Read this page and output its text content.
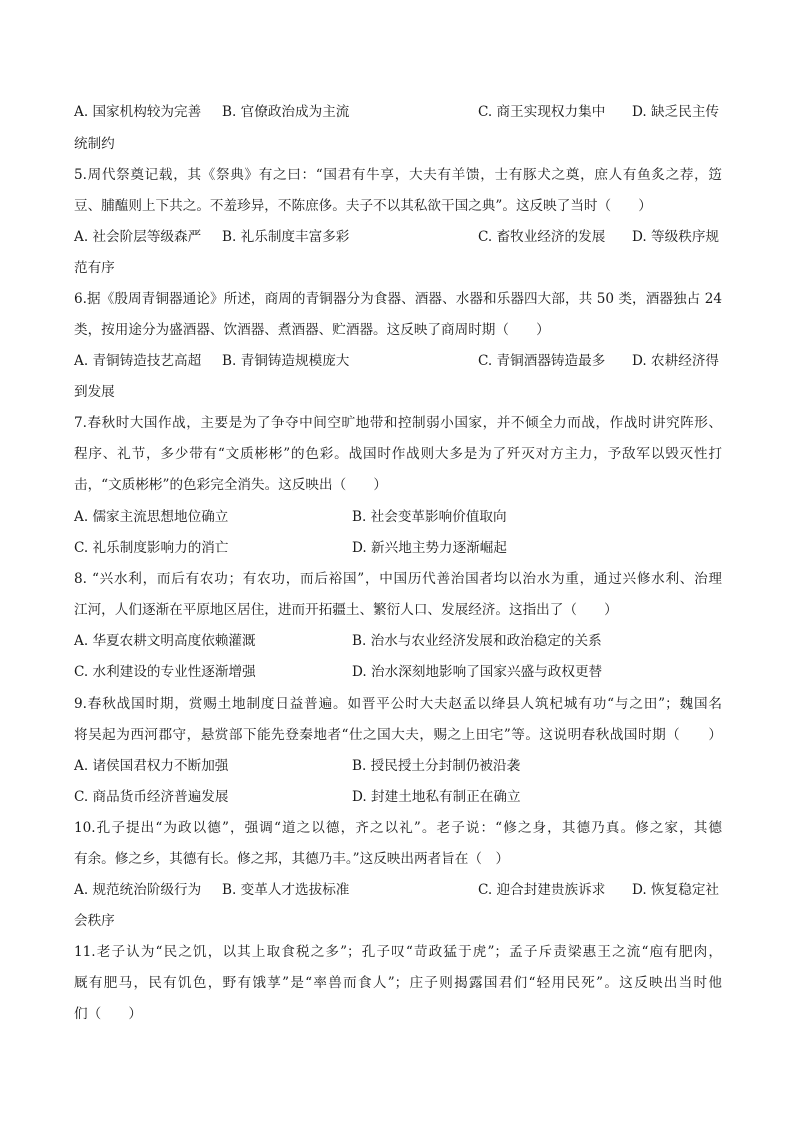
A. 国家机构较为完善 B. 官僚政治成为主流	C. 商王实现权力集中 D. 缺乏民主传
统制约
5.周代祭奠记载，其《祭典》有之曰：“国君有牛享，大夫有羊馈，士有豚犬之奠，庶人有鱼炙之荐，笾
豆、脯醢则上下共之。不羞珍异，不陈庶侈。夫子不以其私欲干国之典”。这反映了当时（　　）
A. 社会阶层等级森严 B. 礼乐制度丰富多彩	C. 畜牧业经济的发展 D. 等级秩序规
范有序
6.据《殷周青铜器通论》所述，商周的青铜器分为食器、酒器、水器和乐器四大部，共 50 类，酒器独占 24
类，按用途分为盛酒器、饮酒器、煮酒器、贮酒器。这反映了商周时期（　　）
A. 青铜铸造技艺高超 B. 青铜铸造规模庞大	C. 青铜酒器铸造最多 D. 农耕经济得
到发展
7.春秋时大国作战，主要是为了争夺中间空旷地带和控制弱小国家，并不倾全力而战，作战时讲究阵形、
程序、礼节，多少带有“文质彬彬”的色彩。战国时作战则大多是为了歼灭对方主力，予敌军以毁灭性打
击，“文质彬彬”的色彩完全消失。这反映出（　　）
A. 儒家主流思想地位确立	B. 社会变革影响价值取向
C. 礼乐制度影响力的消亡	D. 新兴地主势力逐渐崛起
8. “兴水利，而后有农功；有农功，而后裕国”，中国历代善治国者均以治水为重，通过兴修水利、治理
江河，人们逐渐在平原地区居住，进而开拓疆土、繁衍人口、发展经济。这指出了（　　）
A. 华夏农耕文明高度依赖灌溉	B. 治水与农业经济发展和政治稳定的关系
C. 水利建设的专业性逐渐增强	D. 治水深刻地影响了国家兴盛与政权更替
9.春秋战国时期，赏赐土地制度日益普遍。如晋平公时大夫赵孟以绛县人筑杞城有功“与之田”；魏国名
将吴起为西河郡守，悬赏部下能先登秦地者“仕之国大夫，赐之上田宅”等。这说明春秋战国时期（　　）
A. 诸侯国君权力不断加强	B. 授民授土分封制仍被沿袭
C. 商品货币经济普遍发展	D. 封建土地私有制正在确立
10.孔子提出“为政以德”，强调“道之以德，齐之以礼”。老子说：“修之身，其德乃真。修之家，其德
有余。修之乡，其德有长。修之邦，其德乃丰。”这反映出两者旨在（　）
A. 规范统治阶级行为 B. 变革人才选拔标准	C. 迎合封建贵族诉求 D. 恢复稳定社
会秩序
11.老子认为“民之饥，以其上取食税之多”；孔子叹“苛政猛于虎”；孟子斥责梁惠王之流“庖有肥肉，
厩有肥马，民有饥色，野有饿莩”是“率兽而食人”；庄子则揭露国君们“轻用民死”。这反映出当时他
们（　　）
